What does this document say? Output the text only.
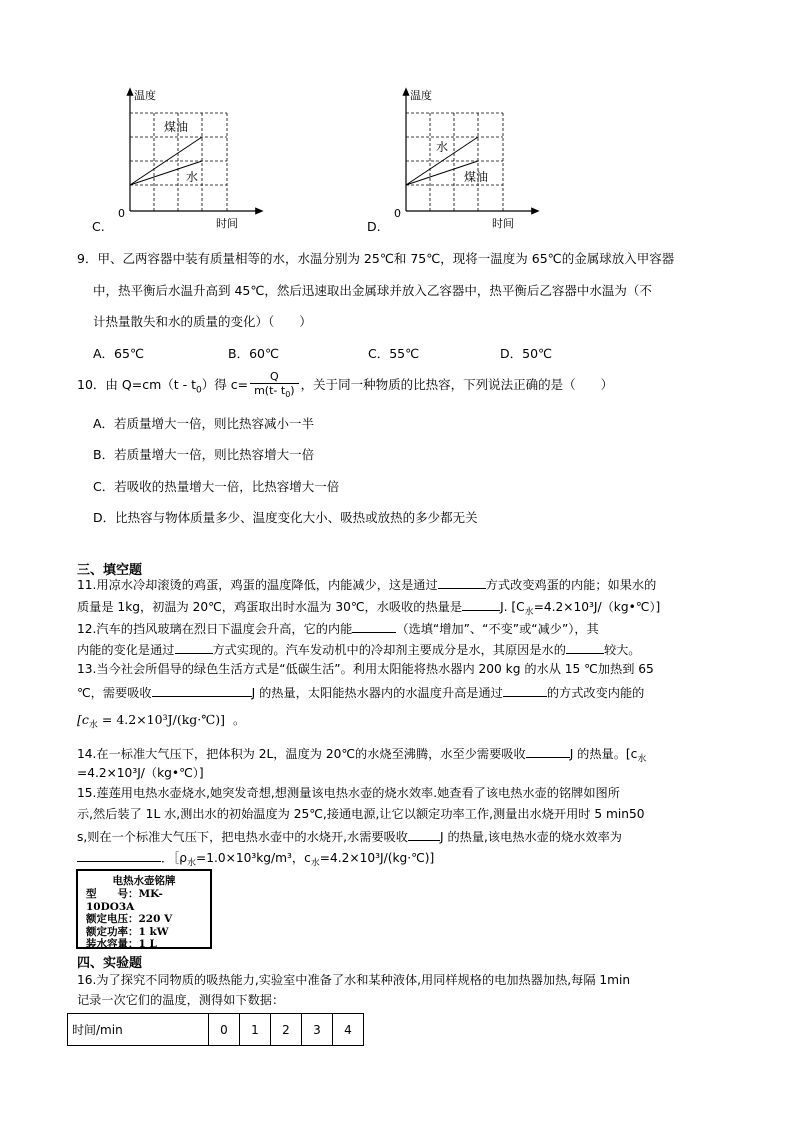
温度
时间
0
煤油
水
C.
温度
时间
0
水
煤油
D.
9．甲、乙两容器中装有质量相等的水，水温分别为 25℃和 75℃，现将一温度为 65℃的金属球放入甲容器
中，热平衡后水温升高到 45℃，然后迅速取出金属球并放入乙容器中，热平衡后乙容器中水温为（不
计热量散失和水的质量的变化）（　　）
A．65℃	B．60℃	C．55℃	D．50℃
10．由 $Q=cm(t - t_0)$得 $c= \frac{Q}{m(t- t_0)}$ ，关于同一种物质的比热容，下列说法正确的是（　　）
A．若质量增大一倍，则比热容减小一半
B．若质量增大一倍，则比热容增大一倍
C．若吸收的热量增大一倍，比热容增大一倍
D．比热容与物体质量多少、温度变化大小、吸热或放热的多少都无关
三、填空题
11.用凉水冷却滚烫的鸡蛋，鸡蛋的温度降低，内能减少，这是通过	方式改变鸡蛋的内能；如果水的
质量是 1kg，初温为 20℃，鸡蛋取出时水温为 30℃，水吸收的热量是	J. $[C_水=4.2\times 10^3J/(kg•℃)]$
12.汽车的挡风玻璃在烈日下温度会升高，它的内能	（选填“增加”、“不变”或“减少”），其
内能的变化是通过	方式实现的。汽车发动机中的冷却剂主要成分是水，其原因是水的	较大。
13.当今社会所倡导的绿色生活方式是“低碳生活”。利用太阳能将热水器内 200 kg 的水从 15 ℃加热到 65
℃，需要吸收	J 的热量，太阳能热水器内的水温度升高是通过	的方式改变内能的
[$c_水$ = 4.2×10³J/(kg·℃)] 。
14.在一标准大气压下，把体积为 2L，温度为 20℃的水烧至沸腾，水至少需要吸收	J 的热量。[$c_水$
=4.2×10³J/（kg•℃）]
15.莲莲用电热水壶烧水,她突发奇想,想测量该电热水壶的烧水效率.她查看了该电热水壶的铭牌如图所
示,然后装了 1L 水,测出水的初始温度为 25℃,接通电源,让它以额定功率工作,测量出水烧开用时 5 min50
s,则在一个标准大气压下，把电热水壶中的水烧开,水需要吸收	J 的热量,该电热水壶的烧水效率为
．$[\rho_水=1.0\times 10^3kg/m^3$，$c_水=4.2\times 10^3J/(kg\cdot℃)$]
电热水壶铭牌
型　　号：MK-10DO3A
额定电压：220 V
额定功率：1 kW
装水容量：1 L
四、实验题
16.为了探究不同物质的吸热能力,实验室中准备了水和某种液体,用同样规格的电加热器加热,每隔 1min
记录一次它们的温度，测得如下数据：
时间/min	0	1	2	3	4
